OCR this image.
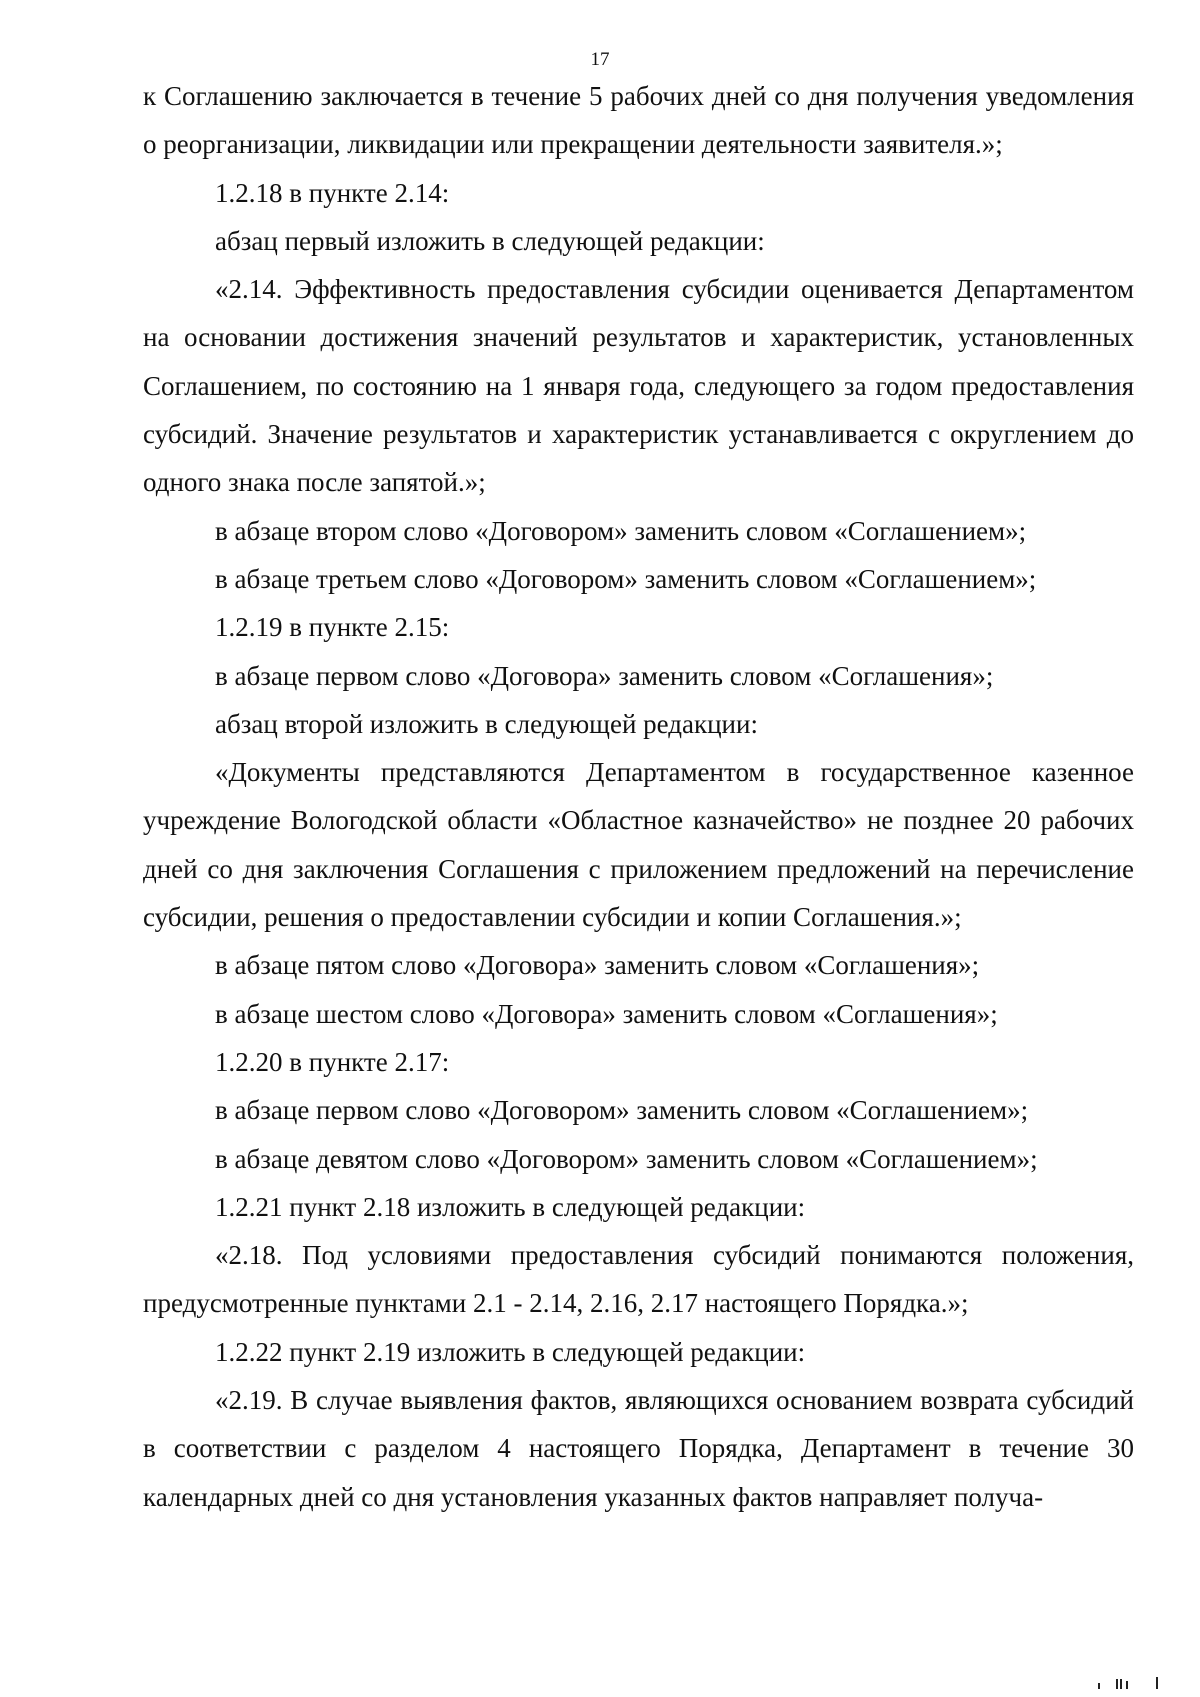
17

к Соглашению заключается в течение 5 рабочих дней со дня получения уведомления о реорганизации, ликвидации или прекращении деятельности заявителя.»;

1.2.18 в пункте 2.14:

абзац первый изложить в следующей редакции:

«2.14. Эффективность предоставления субсидии оценивается Департаментом на основании достижения значений результатов и характеристик, установленных Соглашением, по состоянию на 1 января года, следующего за годом предоставления субсидий. Значение результатов и характеристик устанавливается с округлением до одного знака после запятой.»;

в абзаце втором слово «Договором» заменить словом «Соглашением»;

в абзаце третьем слово «Договором» заменить словом «Соглашением»;

1.2.19 в пункте 2.15:

в абзаце первом слово «Договора» заменить словом «Соглашения»;

абзац второй изложить в следующей редакции:

«Документы представляются Департаментом в государственное казенное учреждение Вологодской области «Областное казначейство» не позднее 20 рабочих дней со дня заключения Соглашения с приложением предложений на перечисление субсидии, решения о предоставлении субсидии и копии Соглашения.»;

в абзаце пятом слово «Договора» заменить словом «Соглашения»;

в абзаце шестом слово «Договора» заменить словом «Соглашения»;

1.2.20 в пункте 2.17:

в абзаце первом слово «Договором» заменить словом «Соглашением»;

в абзаце девятом слово «Договором» заменить словом «Соглашением»;

1.2.21 пункт 2.18 изложить в следующей редакции:

«2.18. Под условиями предоставления субсидий понимаются положения, предусмотренные пунктами 2.1 - 2.14, 2.16, 2.17 настоящего Порядка.»;

1.2.22 пункт 2.19 изложить в следующей редакции:

«2.19. В случае выявления фактов, являющихся основанием возврата субсидий в соответствии с разделом 4 настоящего Порядка, Департамент в течение 30 календарных дней со дня установления указанных фактов направляет получа-
